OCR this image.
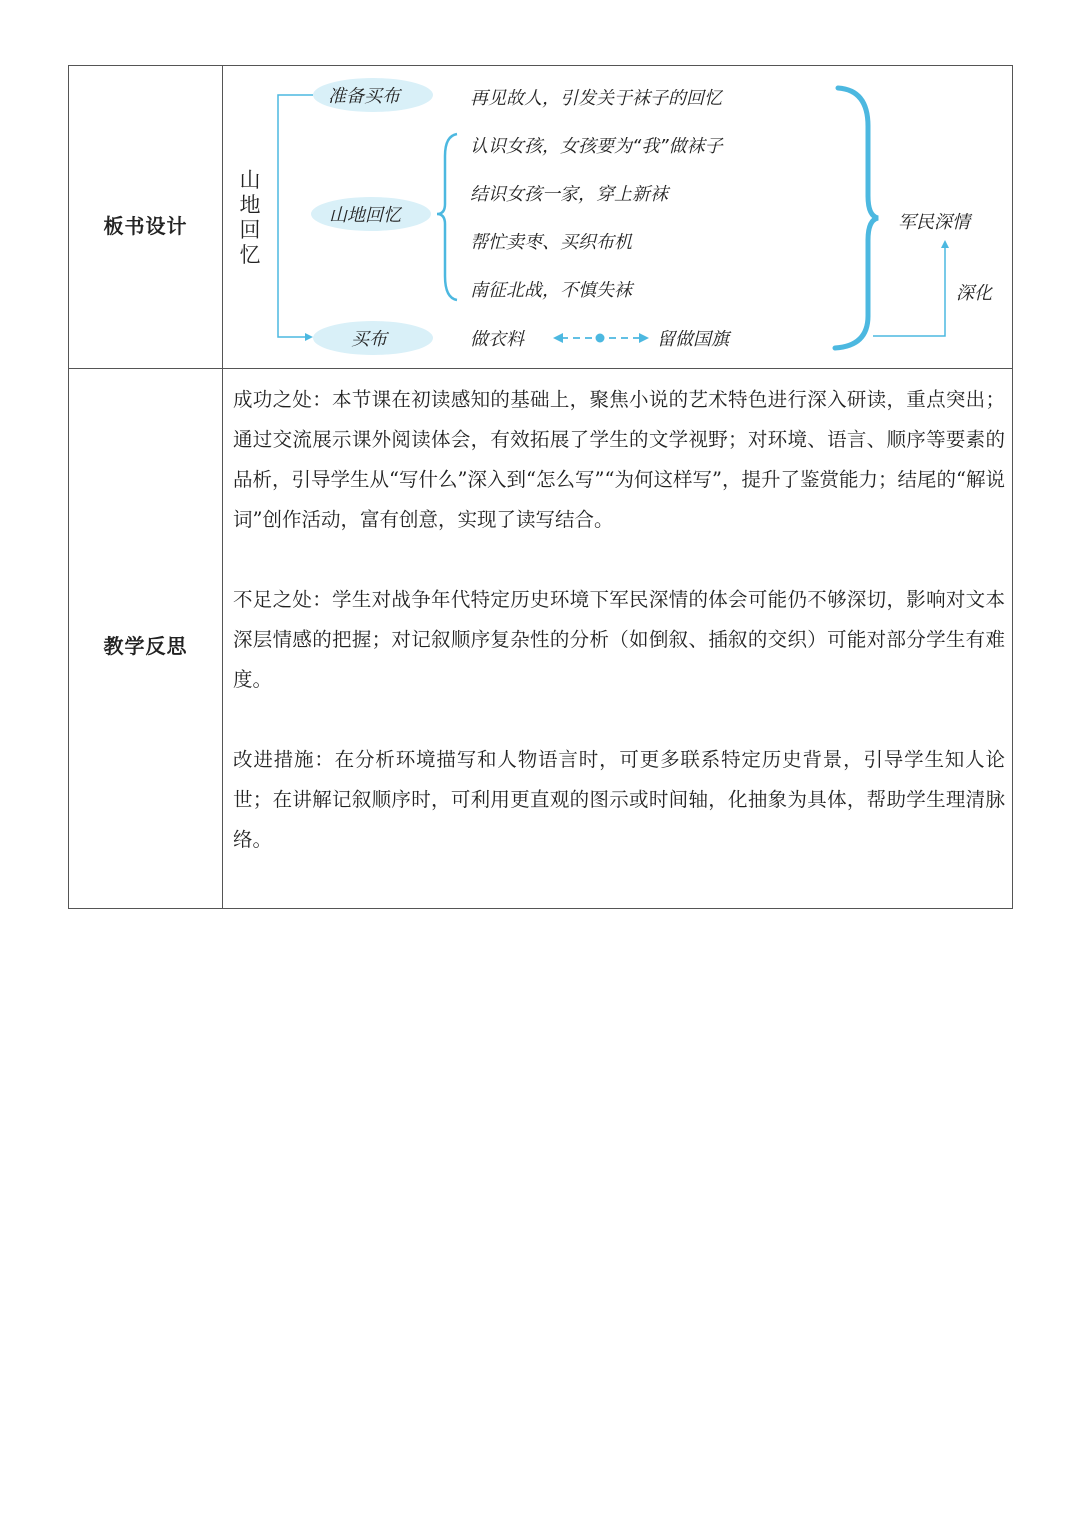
板书设计
教学反思
山
地
回
忆
准备买布
山地回忆
买布
再见故人，引发关于袜子的回忆
认识女孩，女孩要为“我”做袜子
结识女孩一家，穿上新袜
帮忙卖枣、买织布机
南征北战，不慎失袜
做衣料	留做国旗
军民深情
深化

成功之处：本节课在初读感知的基础上，聚焦小说的艺术特色进行深入研读，重点突出；通过交流展示课外阅读体会，有效拓展了学生的文学视野；对环境、语言、顺序等要素的品析，引导学生从“写什么”深入到“怎么写”“为何这样写”，提升了鉴赏能力；结尾的“解说词”创作活动，富有创意，实现了读写结合。

不足之处：学生对战争年代特定历史环境下军民深情的体会可能仍不够深切，影响对文本深层情感的把握；对记叙顺序复杂性的分析（如倒叙、插叙的交织）可能对部分学生有难度。

改进措施：在分析环境描写和人物语言时，可更多联系特定历史背景，引导学生知人论世；在讲解记叙顺序时，可利用更直观的图示或时间轴，化抽象为具体，帮助学生理清脉络。
